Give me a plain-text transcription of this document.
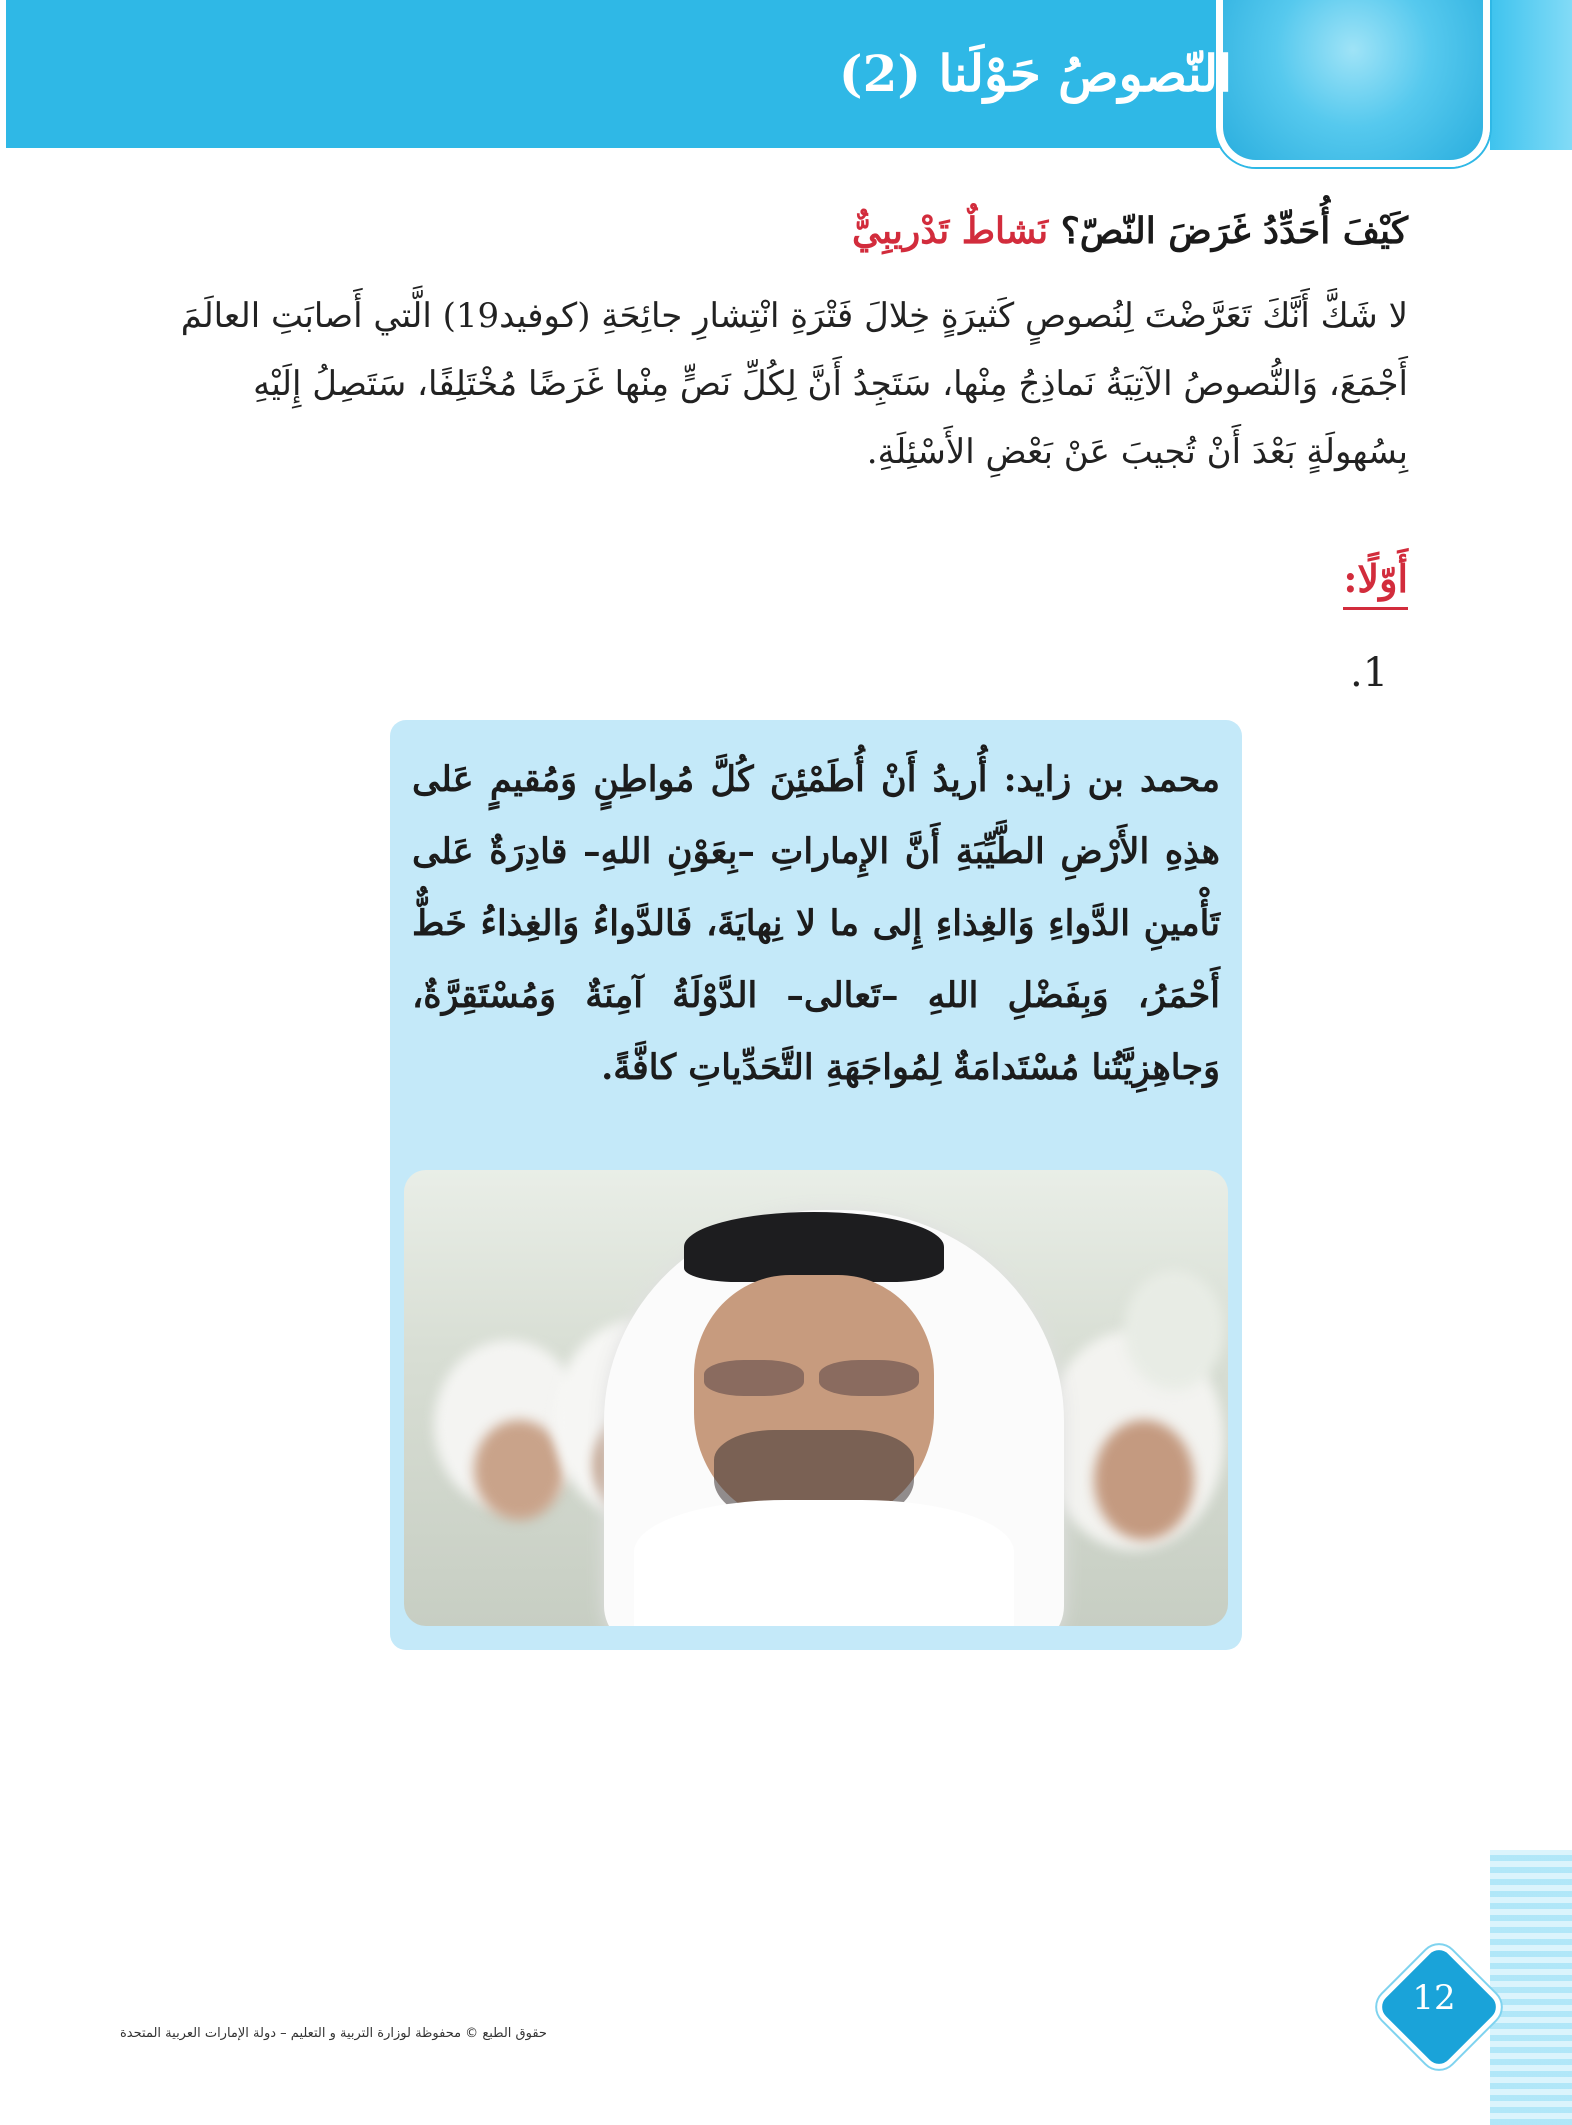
النّصوصُ حَوْلَنا (2)
كَيْفَ أُحَدِّدُ غَرَضَ النّصّ؟ نَشاطٌ تَدْريبِيٌّ
لا شَكَّ أَنَّكَ تَعَرَّضْتَ لِنُصوصٍ كَثيرَةٍ خِلالَ فَتْرَةِ انْتِشارِ جائِحَةِ (كوفيد19) الَّتي أَصابَتِ العالَمَ أَجْمَعَ، وَالنُّصوصُ الآتِيَةُ نَماذِجُ مِنْها، سَتَجِدُ أَنَّ لِكُلِّ نَصٍّ مِنْها غَرَضًا مُخْتَلِفًا، سَتَصِلُ إِلَيْهِ بِسُهولَةٍ بَعْدَ أَنْ تُجيبَ عَنْ بَعْضِ الأَسْئِلَةِ.
أَوّلًا:
.1
محمد بن زايد: أُريدُ أَنْ أُطَمْئِنَ كُلَّ مُواطِنٍ وَمُقيمٍ عَلى هذِهِ الأَرْضِ الطَّيِّبَةِ أَنَّ الإِماراتِ –بِعَوْنِ اللهِ– قادِرَةٌ عَلى تَأْمينِ الدَّواءِ وَالغِذاءِ إِلى ما لا نِهايَةَ، فَالدَّواءُ وَالغِذاءُ خَطٌّ أَحْمَرُ، وَبِفَضْلِ اللهِ –تَعالى– الدَّوْلَةُ آمِنَةٌ وَمُسْتَقِرَّةٌ، وَجاهِزِيَّتُنا مُسْتَدامَةٌ لِمُواجَهَةِ التَّحَدِّياتِ كافَّةً.
حقوق الطبع © محفوظة لوزارة التربية و التعليم – دولة الإمارات العربية المتحدة
12
